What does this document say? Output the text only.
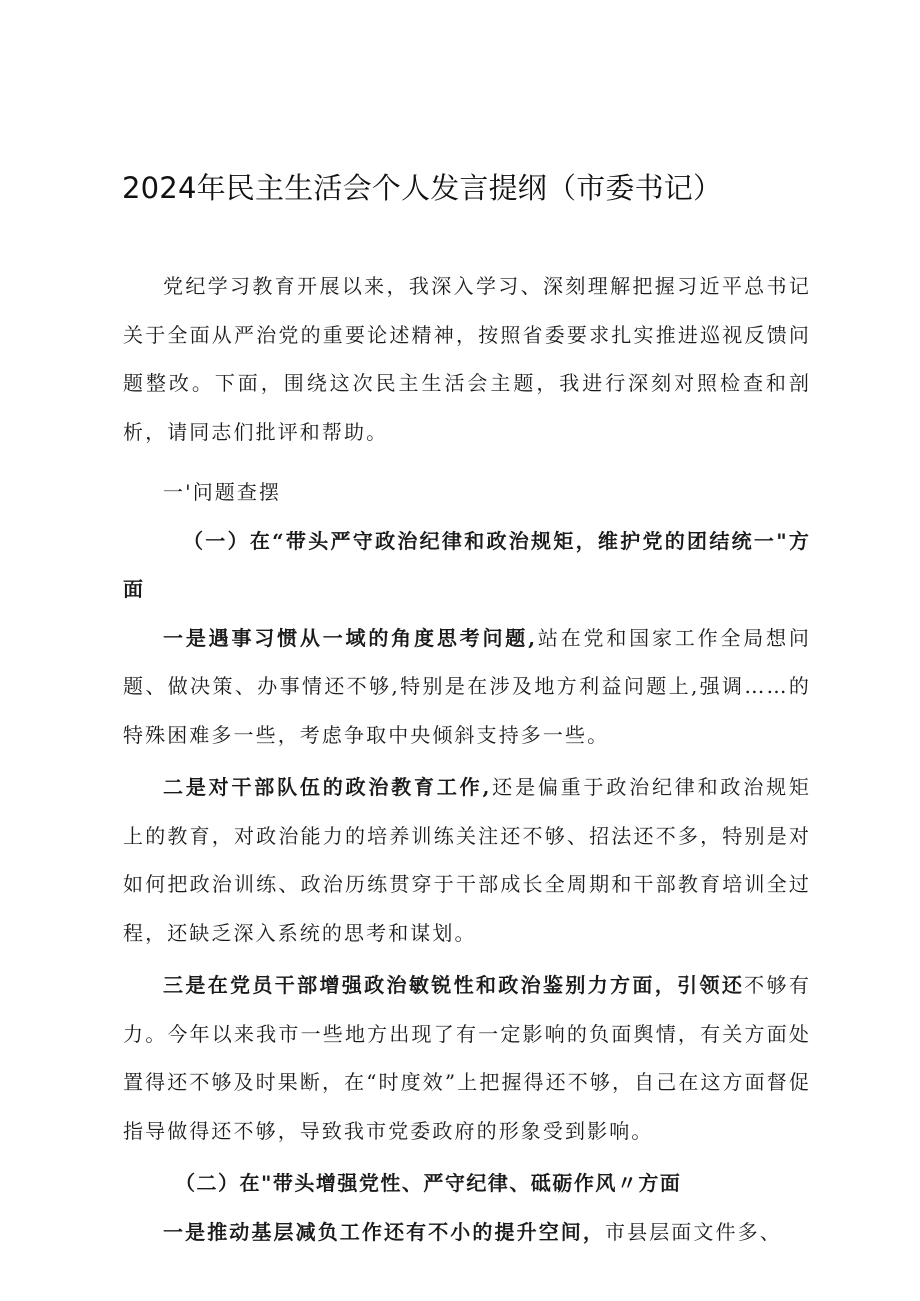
2024年民主生活会个人发言提纲（市委书记）

党纪学习教育开展以来，我深入学习、深刻理解把握习近平总书记关于全面从严治党的重要论述精神，按照省委要求扎实推进巡视反馈问题整改。下面，围绕这次民主生活会主题，我进行深刻对照检查和剖析，请同志们批评和帮助。

一'问题查摆

（一）在“带头严守政治纪律和政治规矩，维护党的团结统一"方面

一是遇事习惯从一域的角度思考问题,站在党和国家工作全局想问题、做决策、办事情还不够,特别是在涉及地方利益问题上,强调……的特殊困难多一些，考虑争取中央倾斜支持多一些。

二是对干部队伍的政治教育工作,还是偏重于政治纪律和政治规矩上的教育，对政治能力的培养训练关注还不够、招法还不多，特别是对如何把政治训练、政治历练贯穿于干部成长全周期和干部教育培训全过程，还缺乏深入系统的思考和谋划。

三是在党员干部增强政治敏锐性和政治鉴别力方面，引领还不够有力。今年以来我市一些地方出现了有一定影响的负面舆情，有关方面处置得还不够及时果断，在“时度效”上把握得还不够，自己在这方面督促指导做得还不够，导致我市党委政府的形象受到影响。

（二）在"带头增强党性、严守纪律、砥砺作风〃方面

一是推动基层减负工作还有不小的提升空间，市县层面文件多、
